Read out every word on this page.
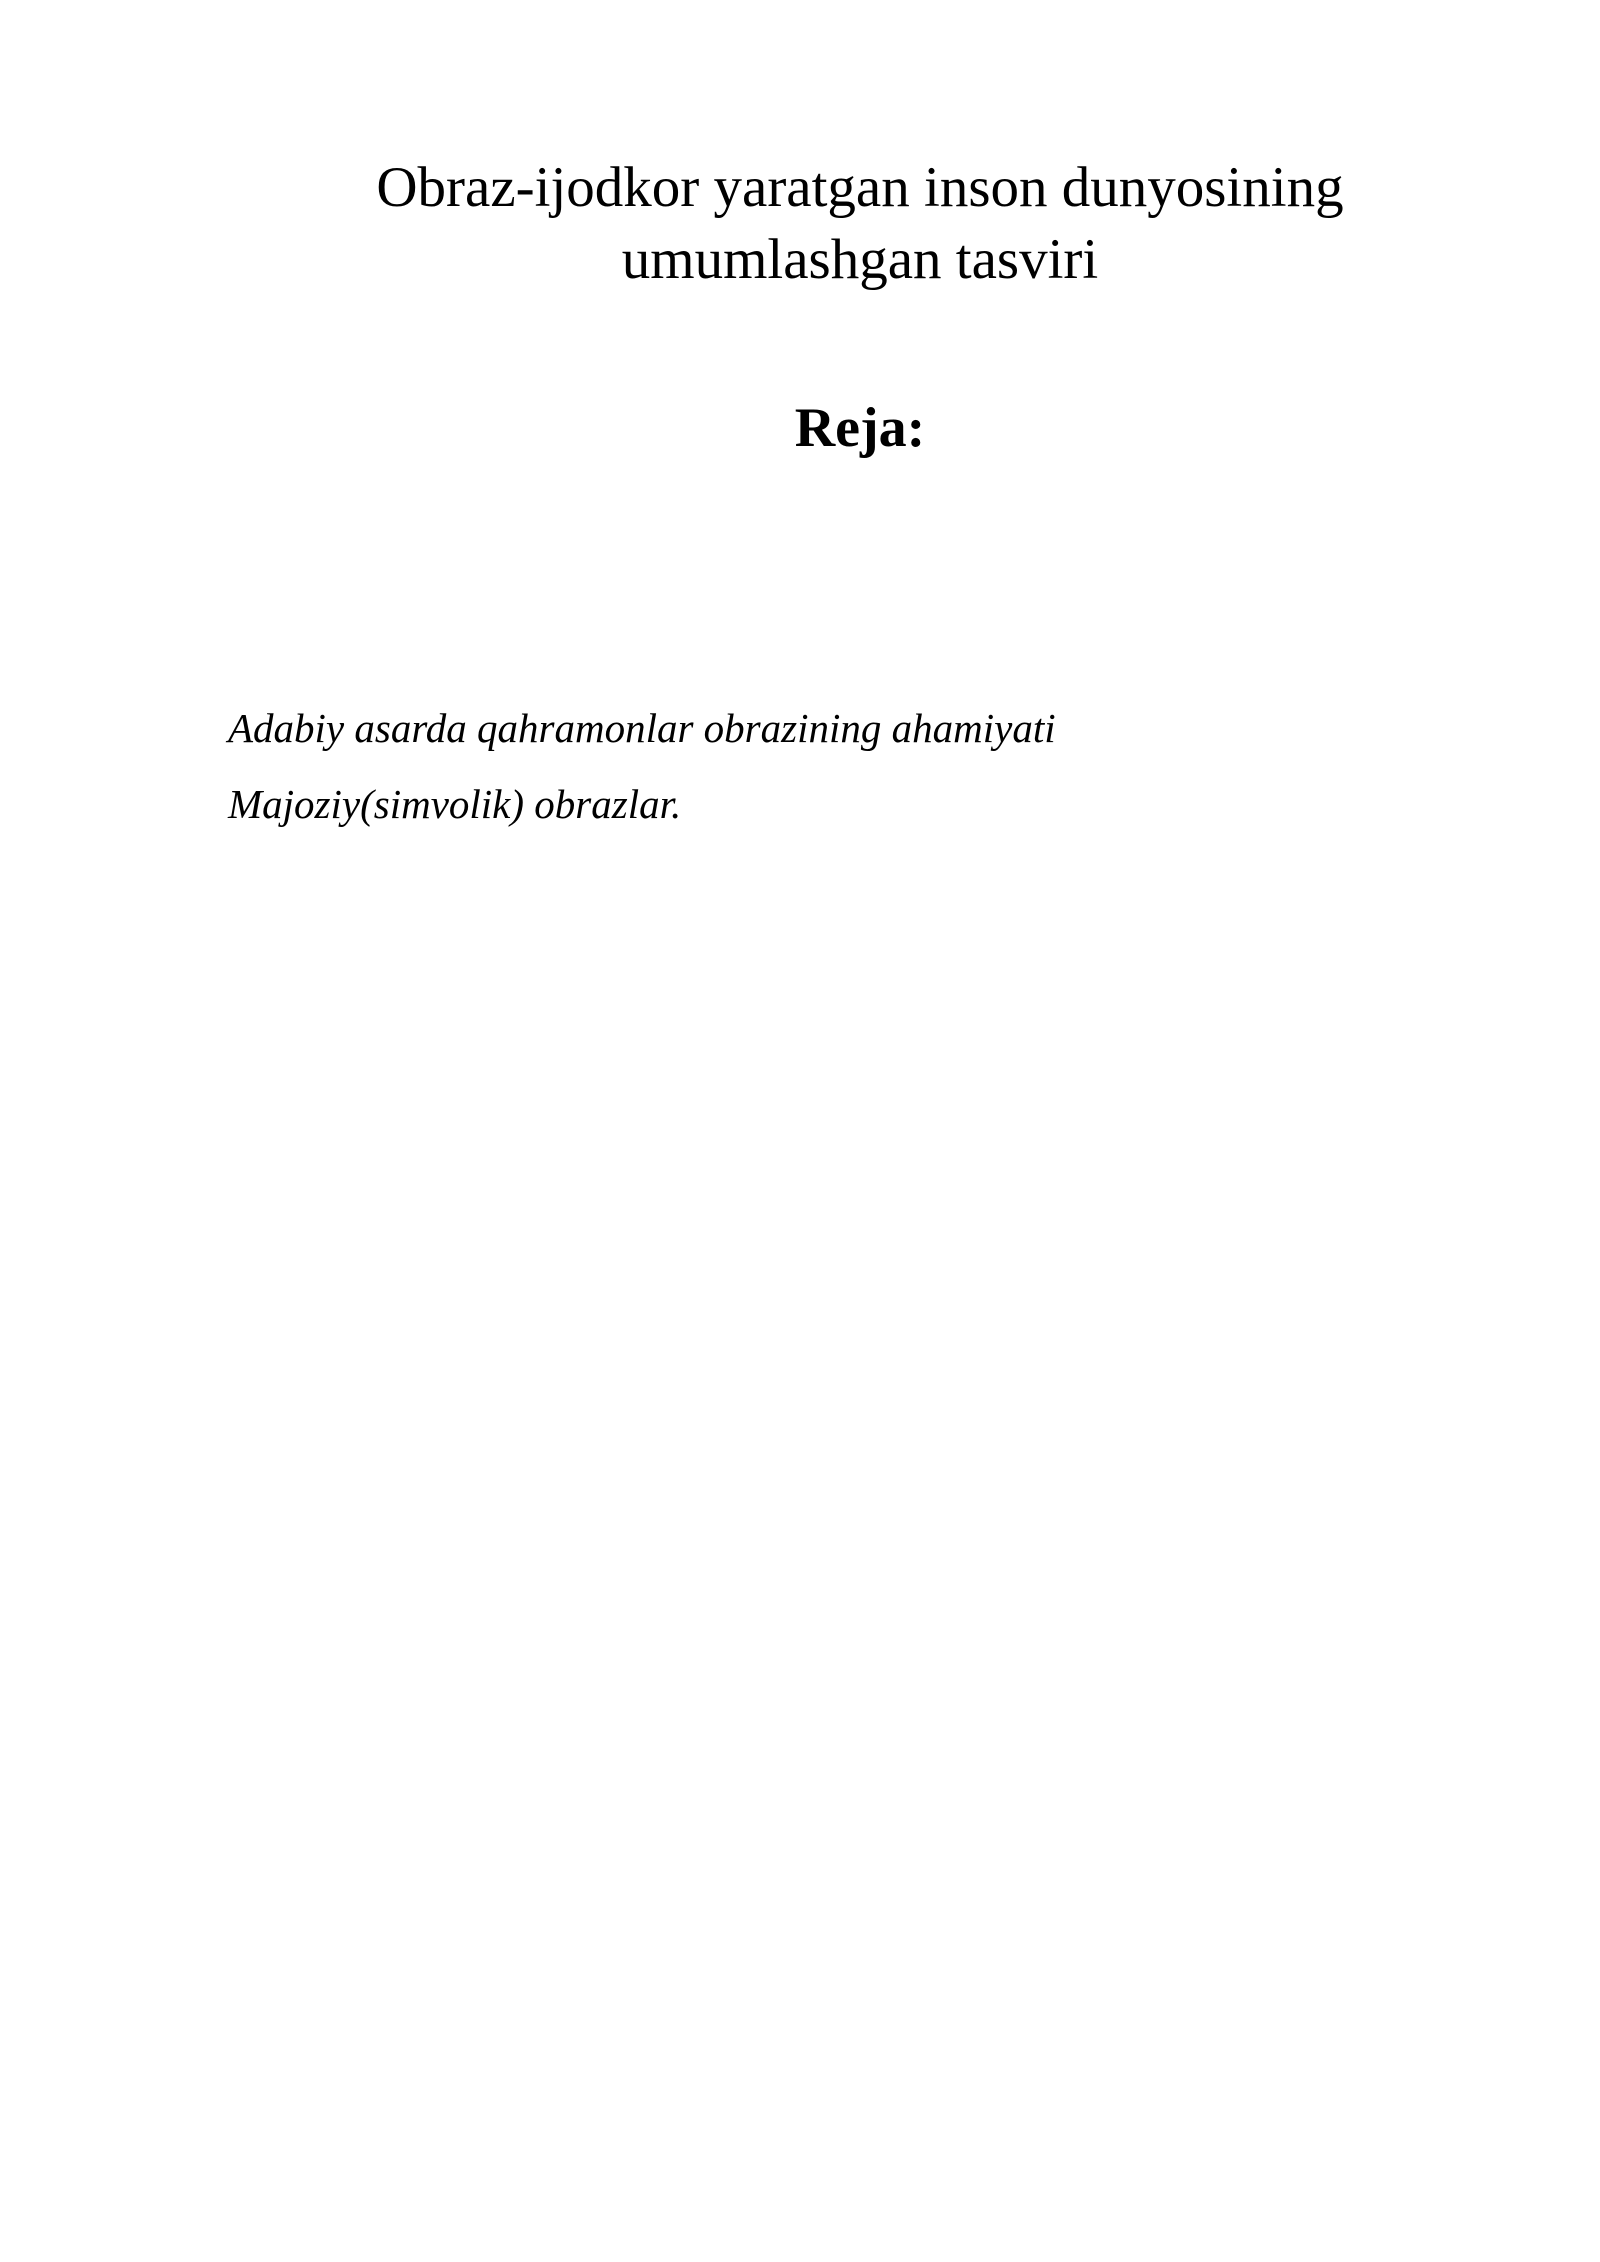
Obraz-ijodkor yaratgan inson dunyosining
umumlashgan tasviri
Reja:
Adabiy asarda qahramonlar obrazining ahamiyati
Majoziy(simvolik) obrazlar.
